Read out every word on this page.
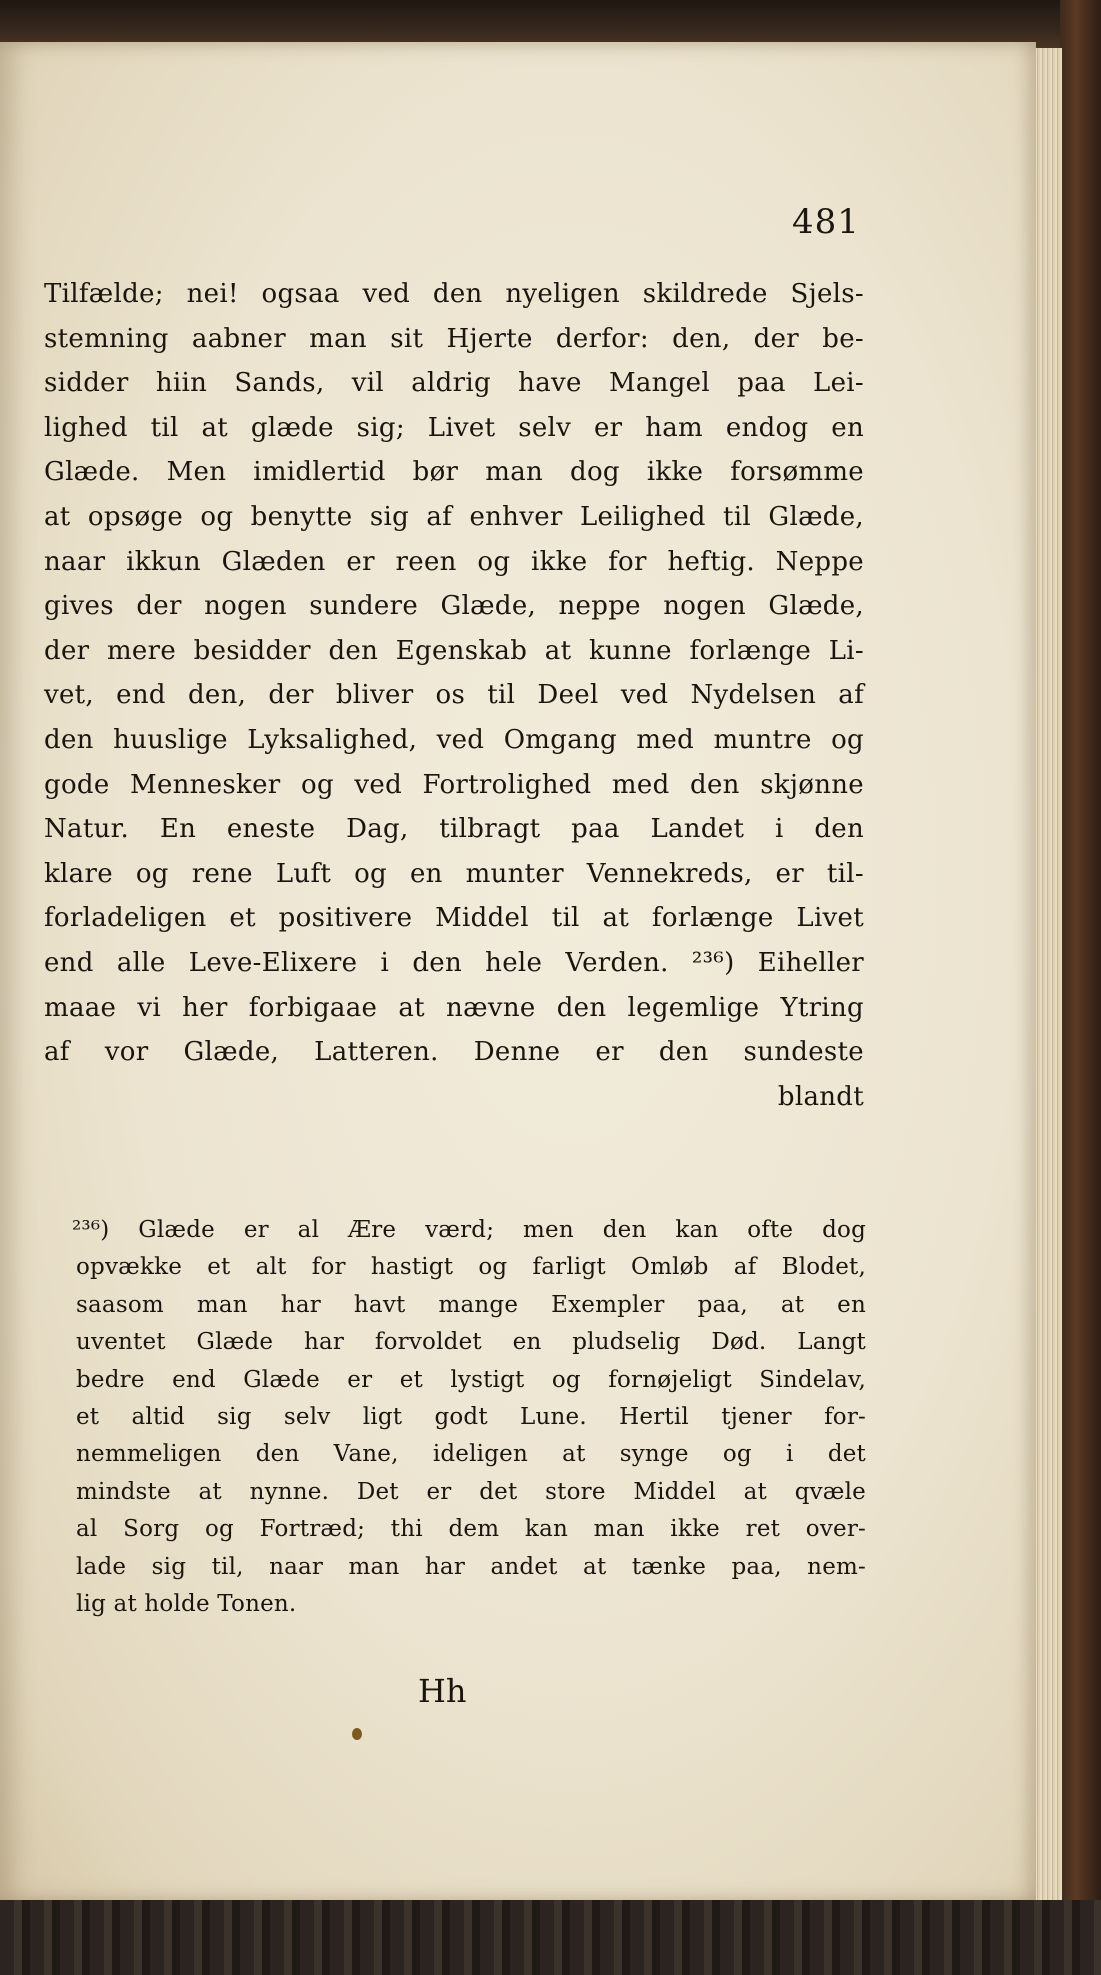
481
Tilfælde; nei! ogsaa ved den nyeligen skildrede Sjels-
stemning aabner man sit Hjerte derfor: den, der be-
sidder hiin Sands, vil aldrig have Mangel paa Lei-
lighed til at glæde sig; Livet selv er ham endog en
Glæde. Men imidlertid bør man dog ikke forsømme
at opsøge og benytte sig af enhver Leilighed til Glæde,
naar ikkun Glæden er reen og ikke for heftig. Neppe
gives der nogen sundere Glæde, neppe nogen Glæde,
der mere besidder den Egenskab at kunne forlænge Li-
vet, end den, der bliver os til Deel ved Nydelsen af
den huuslige Lyksalighed, ved Omgang med muntre og
gode Mennesker og ved Fortrolighed med den skjønne
Natur. En eneste Dag, tilbragt paa Landet i den
klare og rene Luft og en munter Vennekreds, er til-
forladeligen et positivere Middel til at forlænge Livet
end alle Leve-Elixere i den hele Verden. ²³⁶) Eiheller
maae vi her forbigaae at nævne den legemlige Ytring
af vor Glæde, Latteren. Denne er den sundeste
blandt
²³⁶) Glæde er al Ære værd; men den kan ofte dog
opvække et alt for hastigt og farligt Omløb af Blodet,
saasom man har havt mange Exempler paa, at en
uventet Glæde har forvoldet en pludselig Død. Langt
bedre end Glæde er et lystigt og fornøjeligt Sindelav,
et altid sig selv ligt godt Lune. Hertil tjener for-
nemmeligen den Vane, ideligen at synge og i det
mindste at nynne. Det er det store Middel at qvæle
al Sorg og Fortræd; thi dem kan man ikke ret over-
lade sig til, naar man har andet at tænke paa, nem-
lig at holde Tonen.
Hh
